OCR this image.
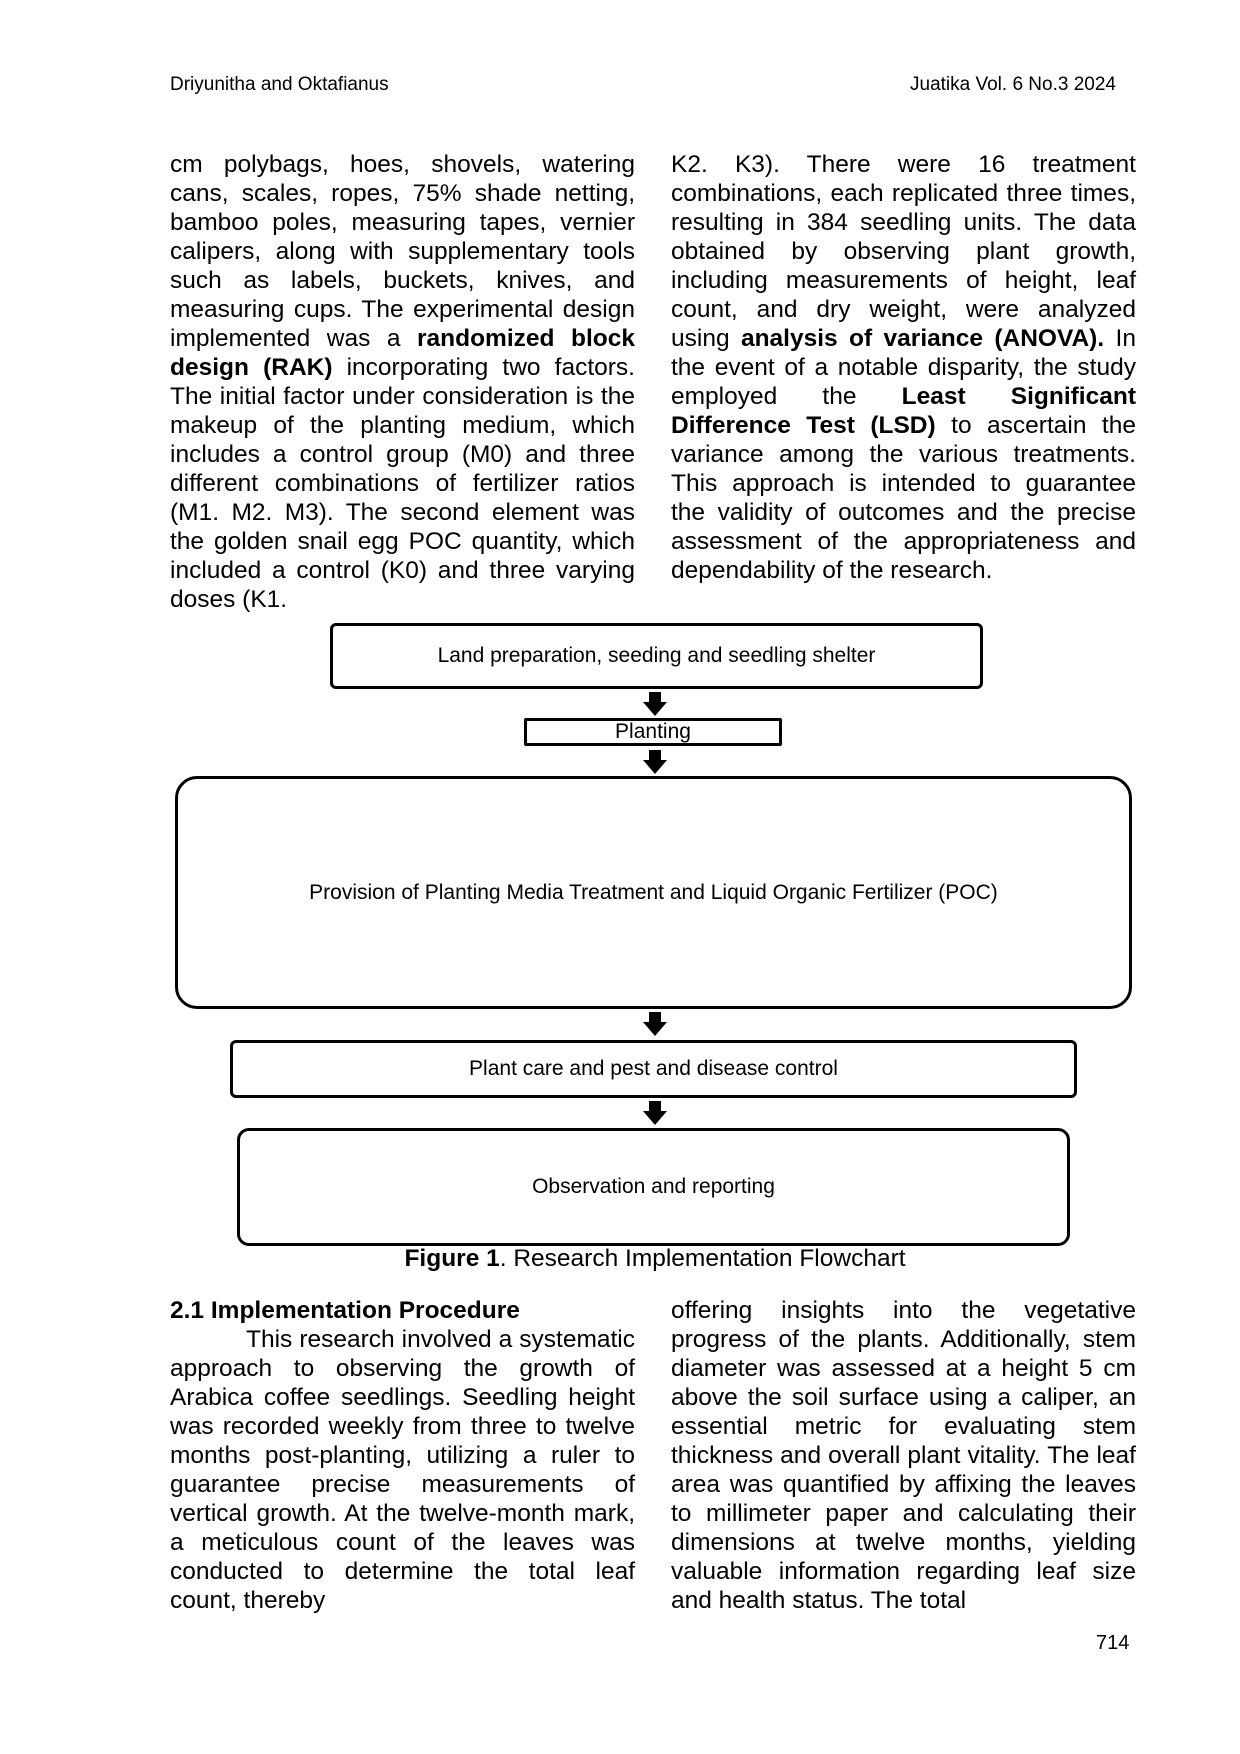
Driyunitha and Oktafianus	Juatika Vol. 6 No.3 2024

cm polybags, hoes, shovels, watering cans, scales, ropes, 75% shade netting, bamboo poles, measuring tapes, vernier calipers, along with supplementary tools such as labels, buckets, knives, and measuring cups. The experimental design implemented was a randomized block design (RAK) incorporating two factors. The initial factor under consideration is the makeup of the planting medium, which includes a control group (M0) and three different combinations of fertilizer ratios (M1. M2. M3). The second element was the golden snail egg POC quantity, which included a control (K0) and three varying doses (K1.

K2. K3). There were 16 treatment combinations, each replicated three times, resulting in 384 seedling units. The data obtained by observing plant growth, including measurements of height, leaf count, and dry weight, were analyzed using analysis of variance (ANOVA). In the event of a notable disparity, the study employed the Least Significant Difference Test (LSD) to ascertain the variance among the various treatments. This approach is intended to guarantee the validity of outcomes and the precise assessment of the appropriateness and dependability of the research.

Land preparation, seeding and seedling shelter
Planting
Provision of Planting Media Treatment and Liquid Organic Fertilizer (POC)
Plant care and pest and disease control
Observation and reporting
Figure 1. Research Implementation Flowchart

2.1 Implementation Procedure

This research involved a systematic approach to observing the growth of Arabica coffee seedlings. Seedling height was recorded weekly from three to twelve months post-planting, utilizing a ruler to guarantee precise measurements of vertical growth. At the twelve-month mark, a meticulous count of the leaves was conducted to determine the total leaf count, thereby

offering insights into the vegetative progress of the plants. Additionally, stem diameter was assessed at a height 5 cm above the soil surface using a caliper, an essential metric for evaluating stem thickness and overall plant vitality. The leaf area was quantified by affixing the leaves to millimeter paper and calculating their dimensions at twelve months, yielding valuable information regarding leaf size and health status. The total

714
